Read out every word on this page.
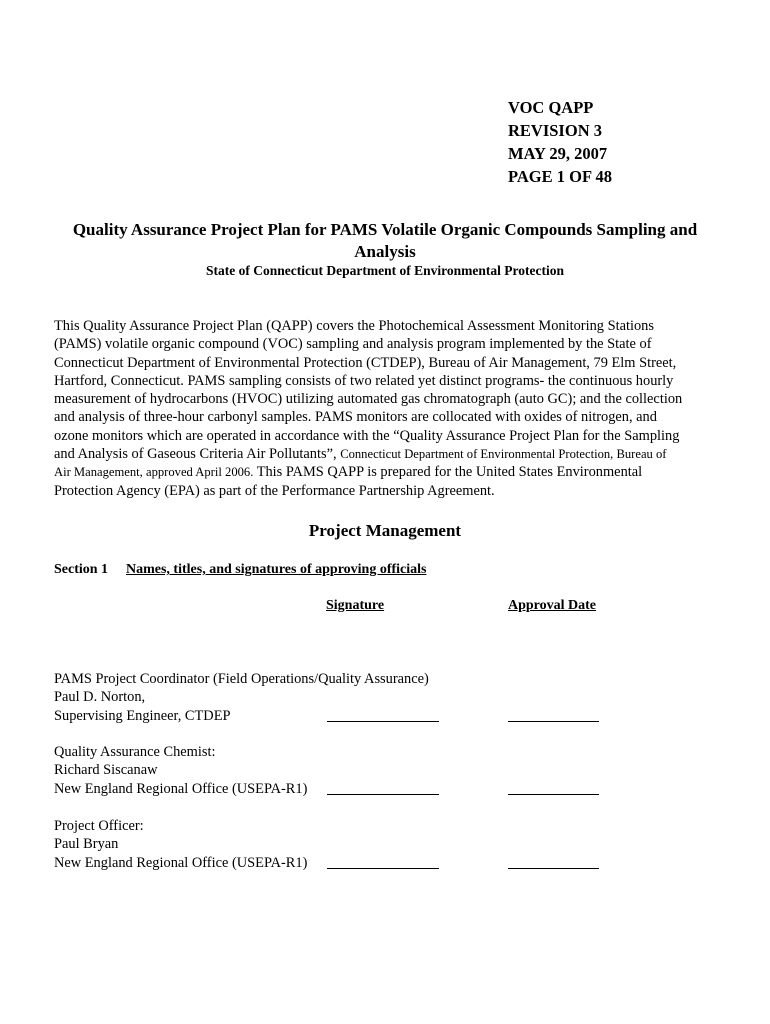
VOC QAPP
REVISION 3
MAY 29, 2007
PAGE 1 OF 48
Quality Assurance Project Plan for PAMS Volatile Organic Compounds Sampling and
Analysis
State of Connecticut Department of Environmental Protection
This Quality Assurance Project Plan (QAPP) covers the Photochemical Assessment Monitoring Stations
(PAMS) volatile organic compound (VOC) sampling and analysis program implemented by the State of
Connecticut Department of Environmental Protection (CTDEP), Bureau of Air Management, 79 Elm Street,
Hartford, Connecticut. PAMS sampling consists of two related yet distinct programs- the continuous hourly
measurement of hydrocarbons (HVOC) utilizing automated gas chromatograph (auto GC); and the collection
and analysis of three-hour carbonyl samples. PAMS monitors are collocated with oxides of nitrogen, and
ozone monitors which are operated in accordance with the “Quality Assurance Project Plan for the Sampling
and Analysis of Gaseous Criteria Air Pollutants”, Connecticut Department of Environmental Protection, Bureau of
Air Management, approved April 2006. This PAMS QAPP is prepared for the United States Environmental
Protection Agency (EPA) as part of the Performance Partnership Agreement.
Project Management
Section 1 Names, titles, and signatures of approving officials
Signature	Approval Date
PAMS Project Coordinator (Field Operations/Quality Assurance)
Paul D. Norton,
Supervising Engineer, CTDEP
Quality Assurance Chemist:
Richard Siscanaw
New England Regional Office (USEPA-R1)
Project Officer:
Paul Bryan
New England Regional Office (USEPA-R1)
